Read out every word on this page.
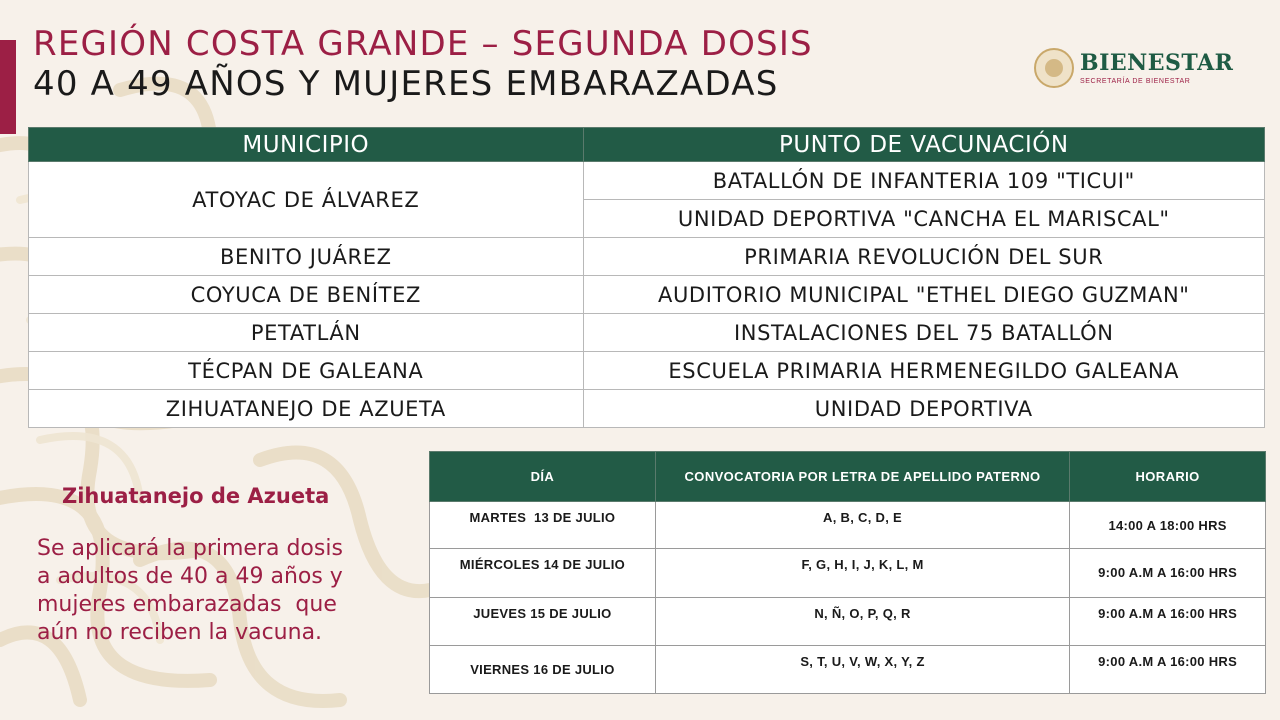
REGIÓN COSTA GRANDE – SEGUNDA DOSIS
40 A 49 AÑOS Y MUJERES EMBARAZADAS
BIENESTAR
SECRETARÍA DE BIENESTAR
MUNICIPIO	PUNTO DE VACUNACIÓN
ATOYAC DE ÁLVAREZ	BATALLÓN DE INFANTERIA 109 "TICUI"
	UNIDAD DEPORTIVA "CANCHA EL MARISCAL"
BENITO JUÁREZ	PRIMARIA REVOLUCIÓN DEL SUR
COYUCA DE BENÍTEZ	AUDITORIO MUNICIPAL "ETHEL DIEGO GUZMAN"
PETATLÁN	INSTALACIONES DEL 75 BATALLÓN
TÉCPAN DE GALEANA	ESCUELA PRIMARIA HERMENEGILDO GALEANA
ZIHUATANEJO DE AZUETA	UNIDAD DEPORTIVA
Zihuatanejo de Azueta
Se aplicará la primera dosis
a adultos de 40 a 49 años y
mujeres embarazadas  que
aún no reciben la vacuna.
DÍA	CONVOCATORIA POR LETRA DE APELLIDO PATERNO	HORARIO
MARTES  13 DE JULIO	A, B, C, D, E	14:00 A 18:00 HRS
MIÉRCOLES 14 DE JULIO	F, G, H, I, J, K, L, M	9:00 A.M A 16:00 HRS
JUEVES 15 DE JULIO	N, Ñ, O, P, Q, R	9:00 A.M A 16:00 HRS
VIERNES 16 DE JULIO	S, T, U, V, W, X, Y, Z	9:00 A.M A 16:00 HRS
